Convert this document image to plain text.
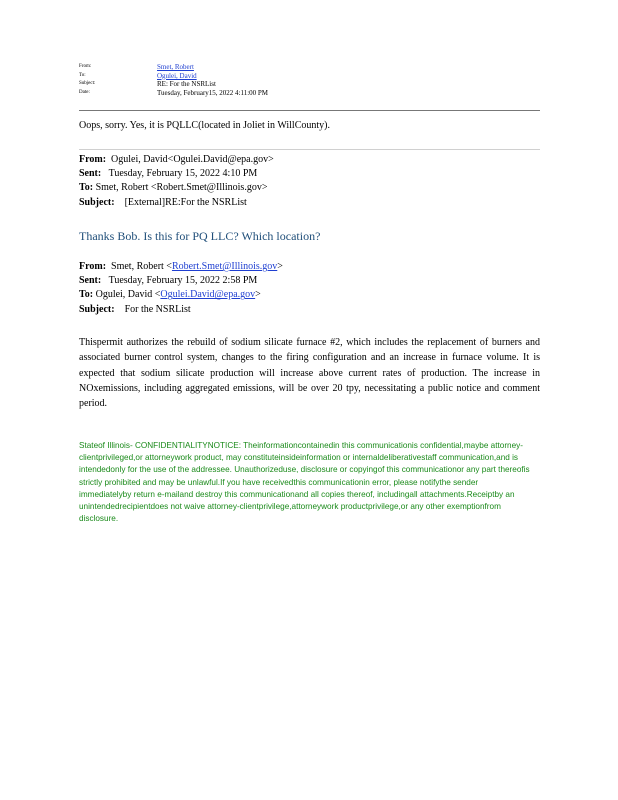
From:	Smet, Robert
To:	Ogulei, David
Subject:	RE: For the NSRList
Date:	Tuesday, February15, 2022 4:11:00 PM
Oops, sorry. Yes, it is PQLLC(located in Joliet in WillCounty).
From: Ogulei, David<Ogulei.David@epa.gov>
Sent: Tuesday, February 15, 2022 4:10 PM
To: Smet, Robert <Robert.Smet@Illinois.gov>
Subject: [External]RE:For the NSRList
Thanks Bob. Is this for PQ LLC? Which location?
From: Smet, Robert <Robert.Smet@Illinois.gov>
Sent: Tuesday, February 15, 2022 2:58 PM
To: Ogulei, David <Ogulei.David@epa.gov>
Subject: For the NSRList
Thispermit authorizes the rebuild of sodium silicate furnace #2, which includes the replacement of burners and associated burner control system, changes to the firing configuration and an increase in furnace volume. It is expected that sodium silicate production will increase above current rates of production. The increase in NOxemissions, including aggregated emissions, will be over 20 tpy, necessitating a public notice and comment period.
Stateof Illinois- CONFIDENTIALITYNOTICE: Theinformationcontainedin this communicationis confidential,maybe attorney-clientprivileged,or attorneywork product, may constituteinsideinformation or internaldeliberativestaff communication,and is intendedonly for the use of the addressee. Unauthorizeduse, disclosure or copyingof this communicationor any part thereofis strictly prohibited and may be unlawful.If you have receivedthis communicationin error, please notifythe sender immediatelyby return e-mailand destroy this communicationand all copies thereof, includingall attachments.Receiptby an unintendedrecipientdoes not waive attorney-clientprivilege,attorneywork productprivilege,or any other exemptionfrom disclosure.
